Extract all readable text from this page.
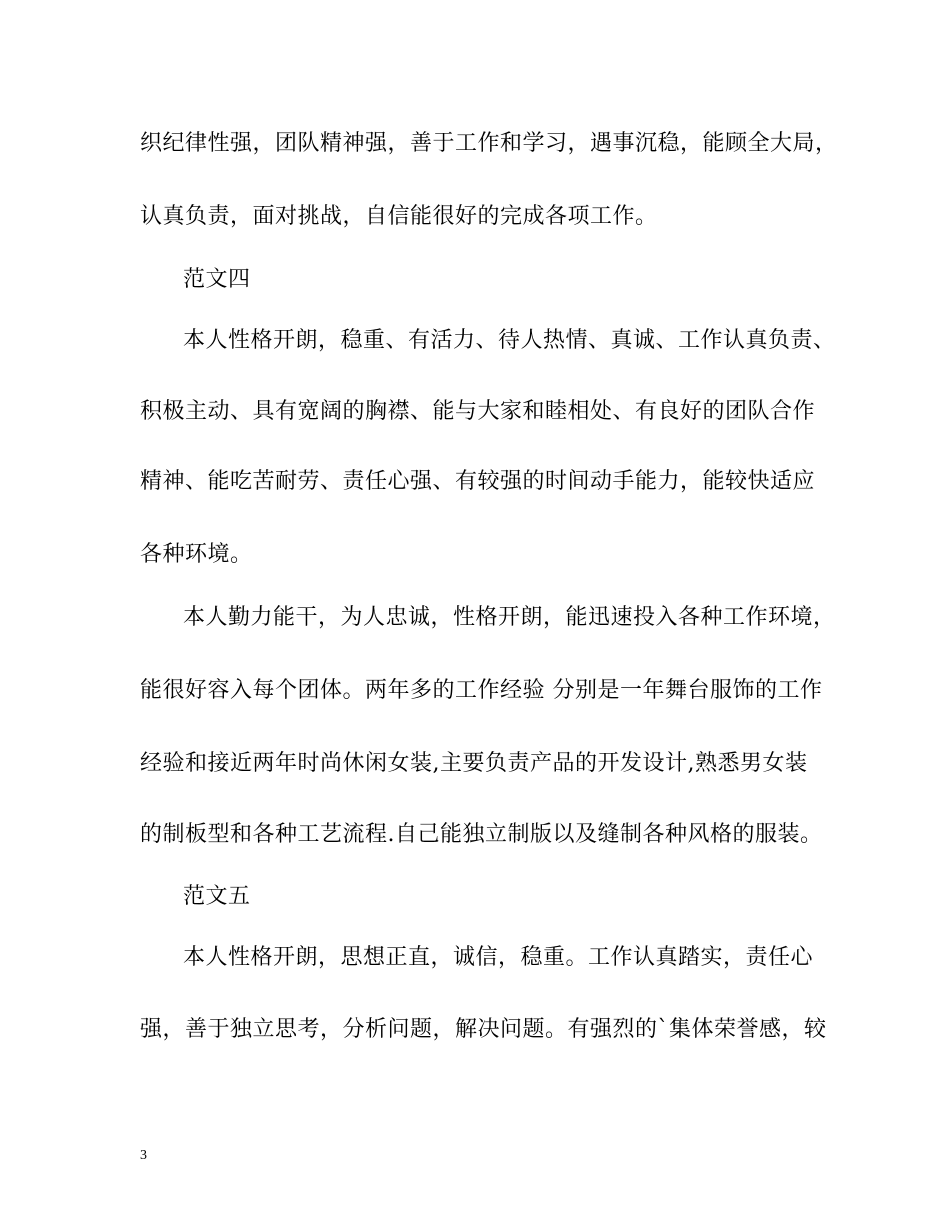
织纪律性强，团队精神强，善于工作和学习，遇事沉稳，能顾全大局，
认真负责，面对挑战，自信能很好的完成各项工作。
范文四
本人性格开朗，稳重、有活力、待人热情、真诚、工作认真负责、
积极主动、具有宽阔的胸襟、能与大家和睦相处、有良好的团队合作
精神、能吃苦耐劳、责任心强、有较强的时间动手能力，能较快适应
各种环境。
本人勤力能干，为人忠诚，性格开朗，能迅速投入各种工作环境，
能很好容入每个团体。两年多的工作经验 分别是一年舞台服饰的工作
经验和接近两年时尚休闲女装,主要负责产品的开发设计,熟悉男女装
的制板型和各种工艺流程.自己能独立制版以及缝制各种风格的服装。
范文五
本人性格开朗，思想正直，诚信，稳重。工作认真踏实，责任心
强，善于独立思考，分析问题，解决问题。有强烈的`集体荣誉感，较
3
